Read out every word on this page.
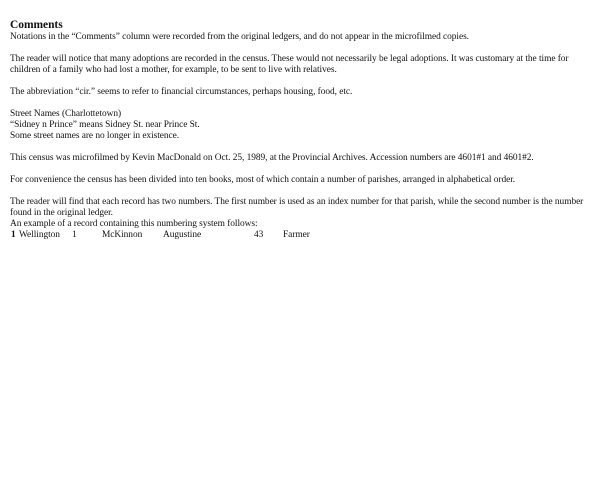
Comments

Notations in the “Comments” column were recorded from the original ledgers, and do not appear in the microfilmed copies.

The reader will notice that many adoptions are recorded in the census. These would not necessarily be legal adoptions. It was customary at the time for children of a family who had lost a mother, for example, to be sent to live with relatives.

The abbreviation “cir.” seems to refer to financial circumstances, perhaps housing, food, etc.

Street Names (Charlottetown)

“Sidney n Prince” means Sidney St. near Prince St.

Some street names are no longer in existence.

This census was microfilmed by Kevin MacDonald on Oct. 25, 1989, at the Provincial Archives. Accession numbers are 4601#1 and 4601#2.

For convenience the census has been divided into ten books, most of which contain a number of parishes, arranged in alphabetical order.

The reader will find that each record has two numbers. The first number is used as an index number for that parish, while the second number is the number found in the original ledger.

An example of a record containing this numbering system follows:

1 Wellington 1	McKinnon Augustine	43 Farmer
